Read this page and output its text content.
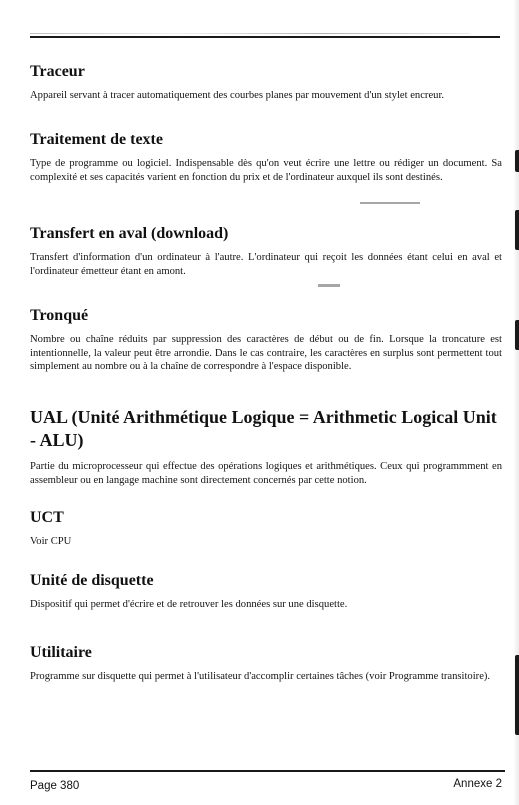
Traceur

Appareil servant à tracer automatiquement des courbes planes par mouvement d'un stylet encreur.

Traitement de texte

Type de programme ou logiciel. Indispensable dès qu'on veut écrire une lettre ou rédiger un document. Sa complexité et ses capacités varient en fonction du prix et de l'ordinateur auxquel ils sont destinés.

Transfert en aval (download)

Transfert d'information d'un ordinateur à l'autre. L'ordinateur qui reçoit les données étant celui en aval et l'ordinateur émetteur étant en amont.

Tronqué

Nombre ou chaîne réduits par suppression des caractères de début ou de fin. Lorsque la troncature est intentionnelle, la valeur peut être arrondie. Dans le cas contraire, les caractères en surplus sont permettent tout simplement au nombre ou à la chaîne de correspondre à l'espace disponible.

UAL (Unité Arithmétique Logique = Arithmetic Logical Unit - ALU)

Partie du microprocesseur qui effectue des opérations logiques et arithmétiques. Ceux qui programmment en assembleur ou en langage machine sont directement concernés par cette notion.

UCT

Voir CPU

Unité de disquette

Dispositif qui permet d'écrire et de retrouver les données sur une disquette.

Utilitaire

Programme sur disquette qui permet à l'utilisateur d'accomplir certaines tâches (voir Programme transitoire).

Page 380	Annexe 2
